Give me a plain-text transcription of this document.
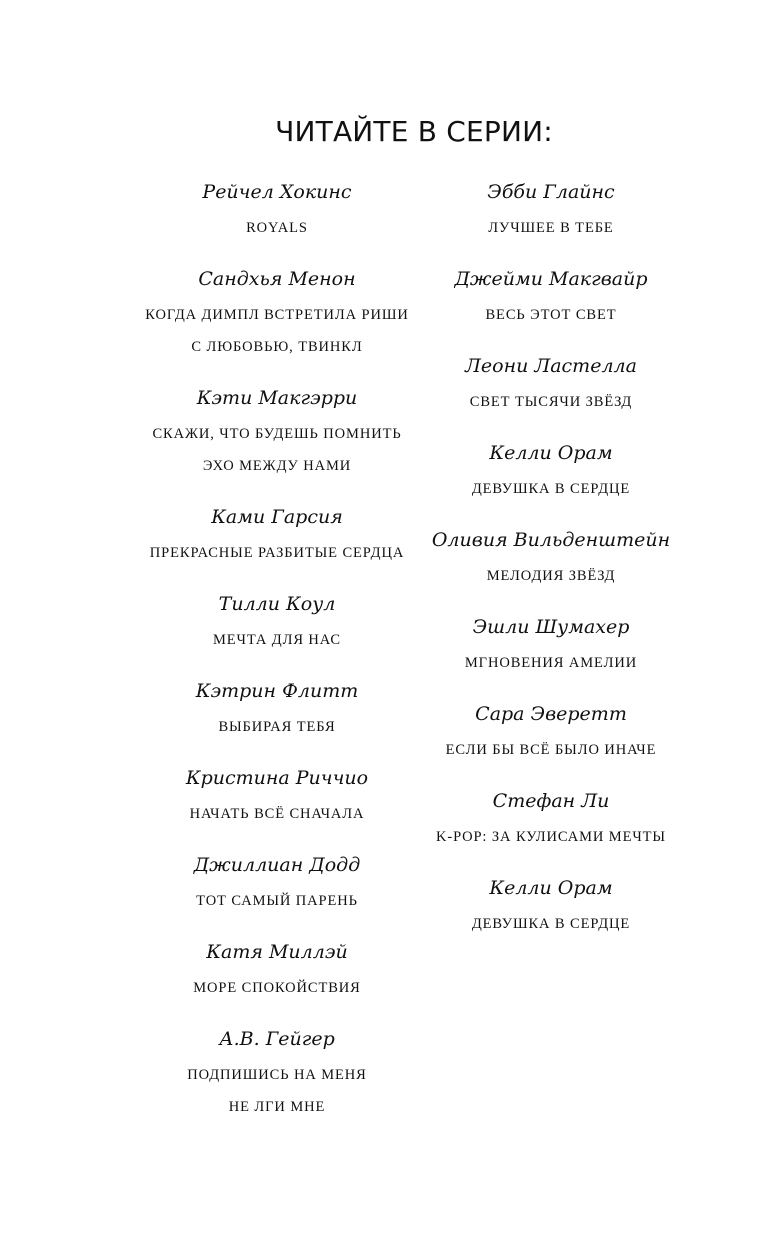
ЧИТАЙТЕ В СЕРИИ:
Рейчел Хокинс
ROYALS
Сандхья Менон
КОГДА ДИМПЛ ВСТРЕТИЛА РИШИ
С ЛЮБОВЬЮ, ТВИНКЛ
Кэти Макгэрри
СКАЖИ, ЧТО БУДЕШЬ ПОМНИТЬ
ЭХО МЕЖДУ НАМИ
Ками Гарсия
ПРЕКРАСНЫЕ РАЗБИТЫЕ СЕРДЦА
Тилли Коул
МЕЧТА ДЛЯ НАС
Кэтрин Флитт
ВЫБИРАЯ ТЕБЯ
Кристина Риччио
НАЧАТЬ ВСЁ СНАЧАЛА
Джиллиан Додд
ТОТ САМЫЙ ПАРЕНЬ
Катя Миллэй
МОРЕ СПОКОЙСТВИЯ
А.В. Гейгер
ПОДПИШИСЬ НА МЕНЯ
НЕ ЛГИ МНЕ
Эбби Глайнс
ЛУЧШЕЕ В ТЕБЕ
Джейми Макгвайр
ВЕСЬ ЭТОТ СВЕТ
Леони Ластелла
СВЕТ ТЫСЯЧИ ЗВЁЗД
Келли Орам
ДЕВУШКА В СЕРДЦЕ
Оливия Вильденштейн
МЕЛОДИЯ ЗВЁЗД
Эшли Шумахер
МГНОВЕНИЯ АМЕЛИИ
Сара Эверетт
ЕСЛИ БЫ ВСЁ БЫЛО ИНАЧЕ
Стефан Ли
K-POP: ЗА КУЛИСАМИ МЕЧТЫ
Келли Орам
ДЕВУШКА В СЕРДЦЕ
